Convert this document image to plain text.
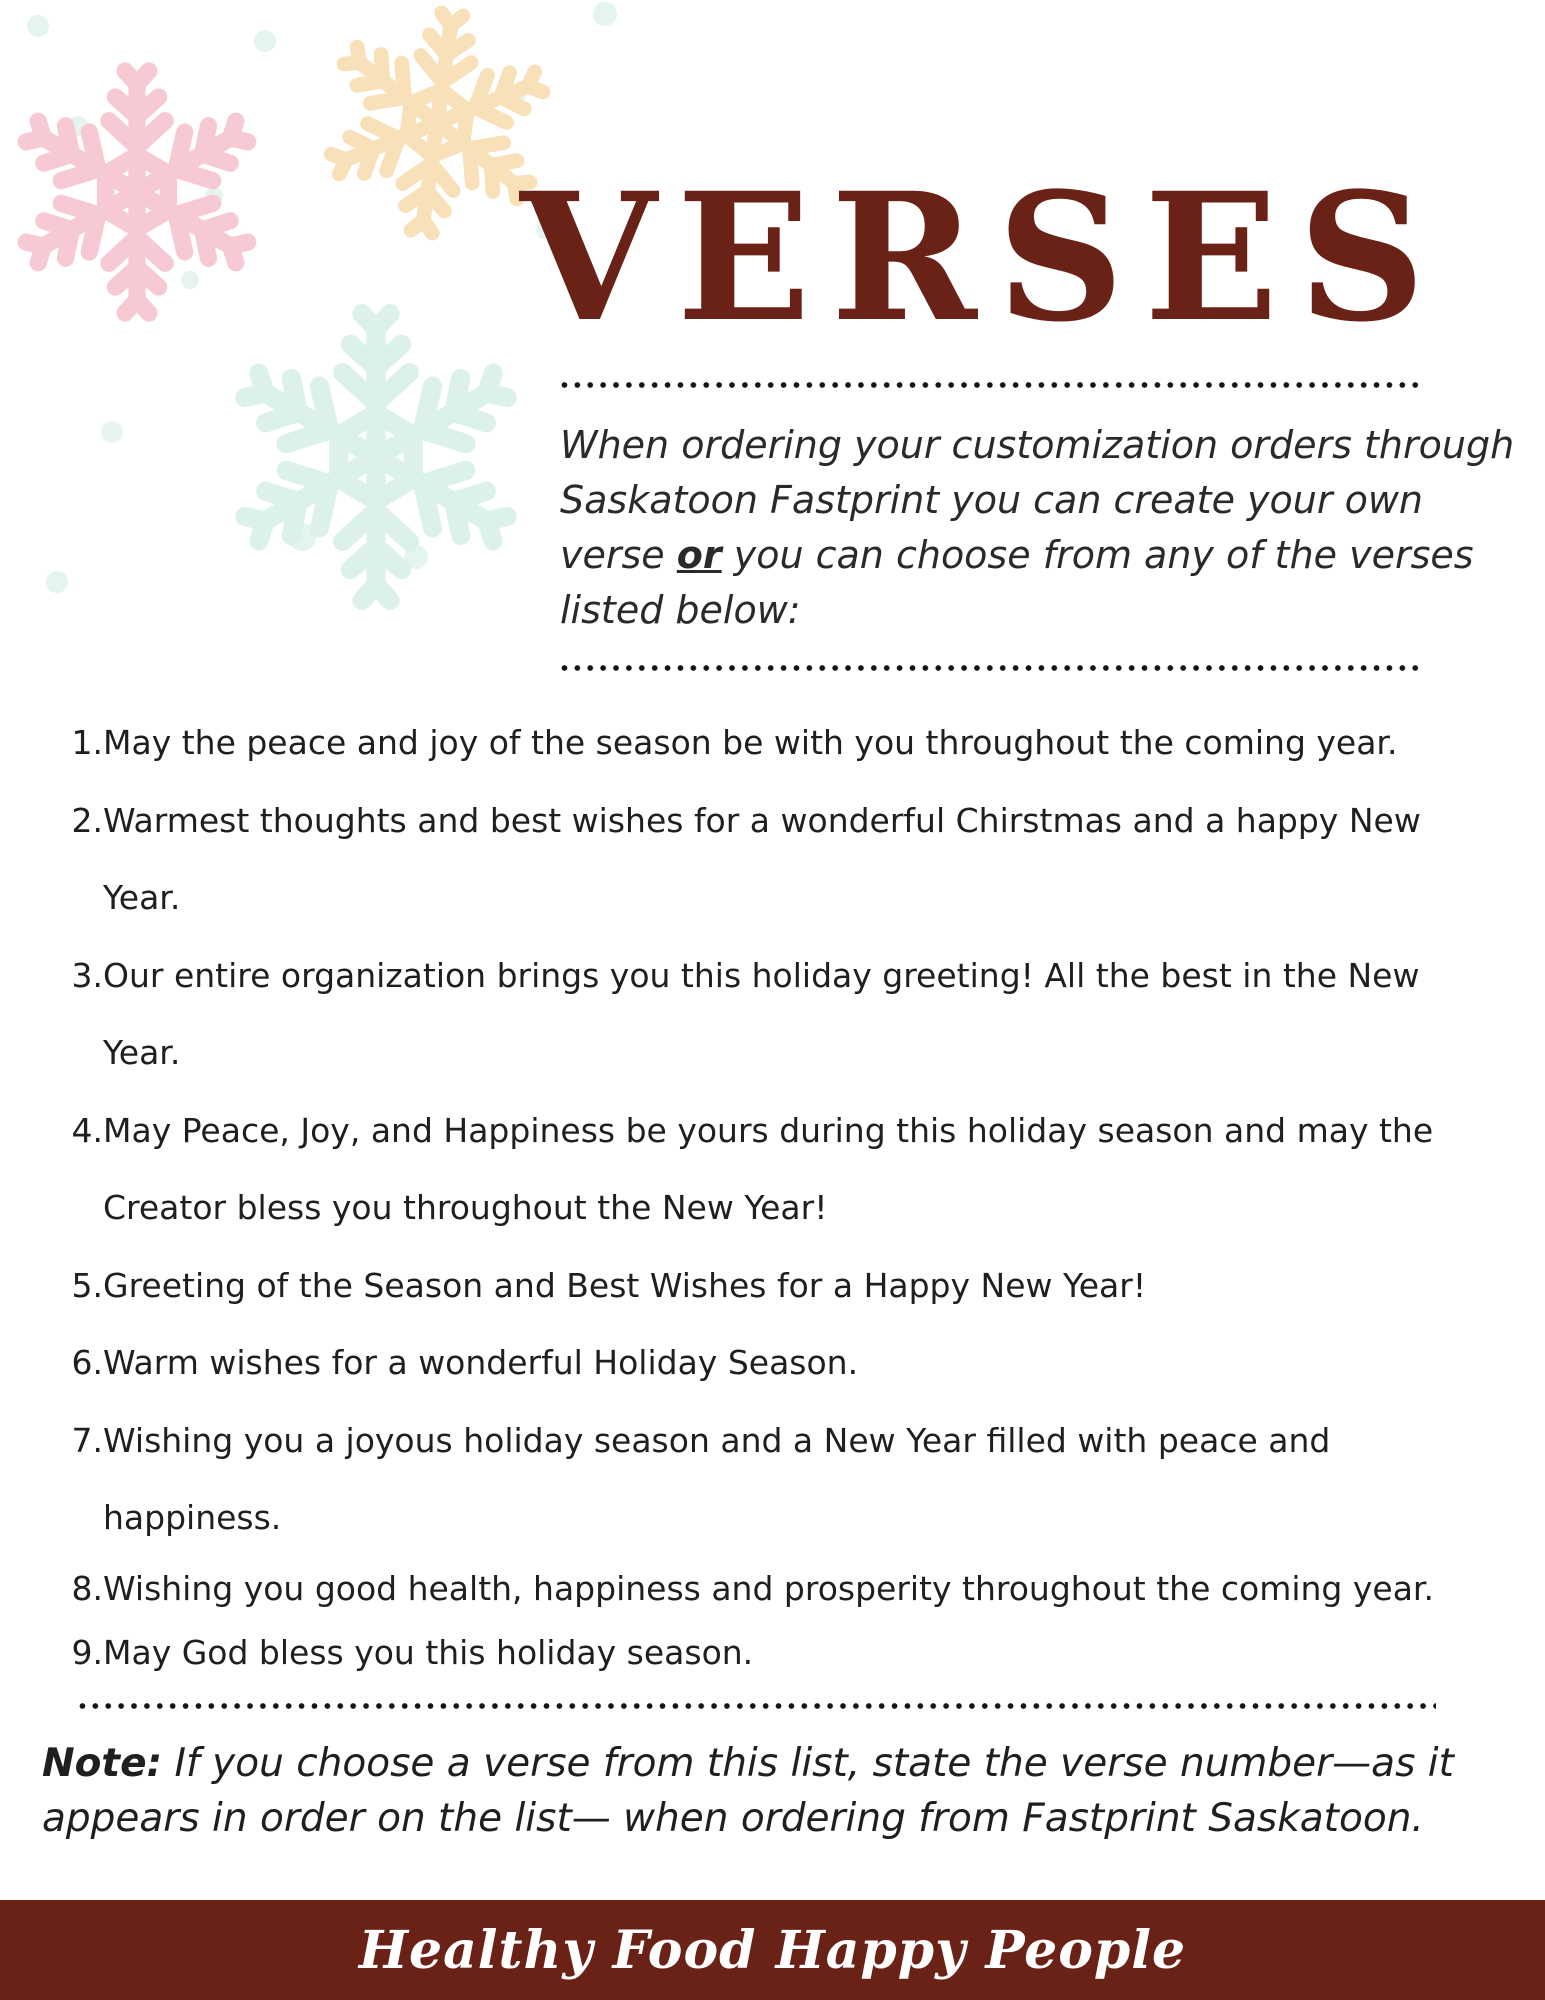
VERSES

When ordering your customization orders through Saskatoon Fastprint you can create your own verse or you can choose from any of the verses listed below:

1. May the peace and joy of the season be with you throughout the coming year.
2. Warmest thoughts and best wishes for a wonderful Chirstmas and a happy New Year.
3. Our entire organization brings you this holiday greeting! All the best in the New Year.
4. May Peace, Joy, and Happiness be yours during this holiday season and may the Creator bless you throughout the New Year!
5. Greeting of the Season and Best Wishes for a Happy New Year!
6. Warm wishes for a wonderful Holiday Season.
7. Wishing you a joyous holiday season and a New Year filled with peace and happiness.
8. Wishing you good health, happiness and prosperity throughout the coming year.
9. May God bless you this holiday season.

Note: If you choose a verse from this list, state the verse number—as it appears in order on the list— when ordering from Fastprint Saskatoon.

Healthy Food Happy People
